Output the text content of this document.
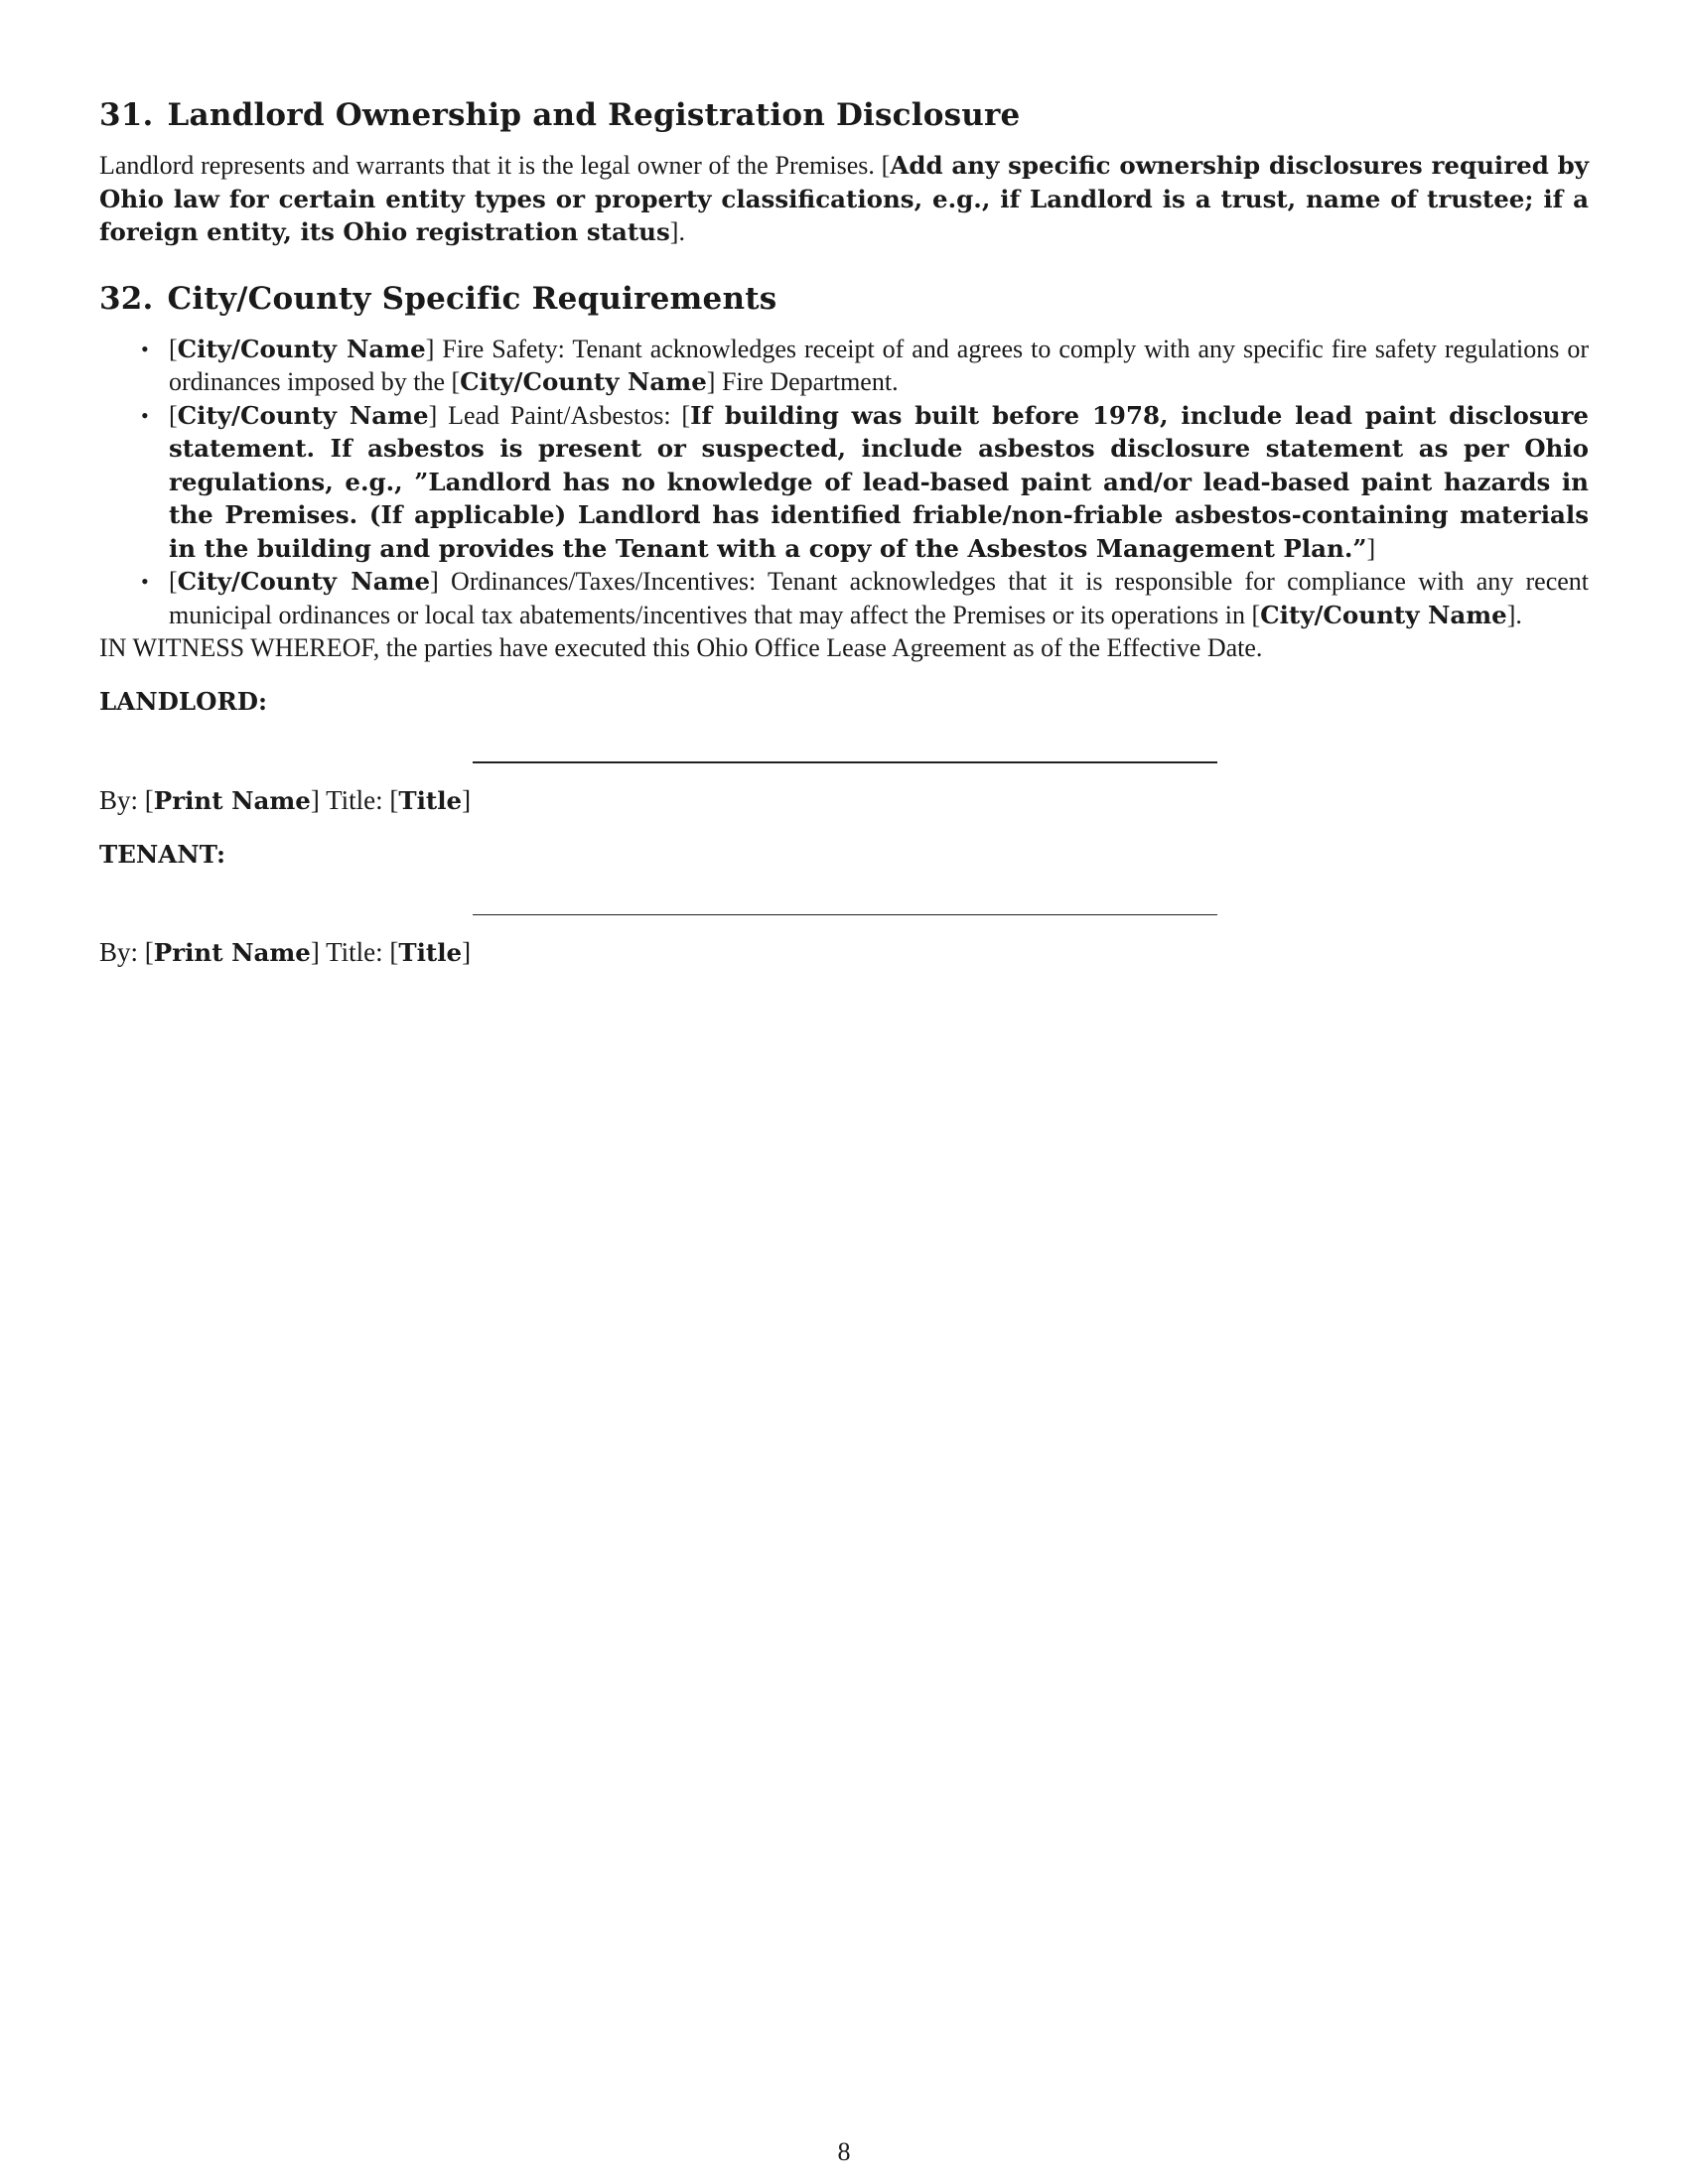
31. Landlord Ownership and Registration Disclosure

Landlord represents and warrants that it is the legal owner of the Premises. [Add any specific ownership disclosures required by Ohio law for certain entity types or property classifications, e.g., if Landlord is a trust, name of trustee; if a foreign entity, its Ohio registration status].

32. City/County Specific Requirements
• [City/County Name] Fire Safety: Tenant acknowledges receipt of and agrees to comply with any specific fire safety regulations or ordinances imposed by the [City/County Name] Fire Department.
• [City/County Name] Lead Paint/Asbestos: [If building was built before 1978, include lead paint disclosure statement. If asbestos is present or suspected, include asbestos disclosure statement as per Ohio regulations, e.g., ”Landlord has no knowledge of lead-based paint and/or lead-based paint hazards in the Premises. (If applicable) Landlord has identified friable/non-friable asbestos-containing materials in the building and provides the Tenant with a copy of the Asbestos Management Plan.”]
• [City/County Name] Ordinances/Taxes/Incentives: Tenant acknowledges that it is responsible for compliance with any recent municipal ordinances or local tax abatements/incentives that may affect the Premises or its operations in [City/County Name].

IN WITNESS WHEREOF, the parties have executed this Ohio Office Lease Agreement as of the Effective Date.

LANDLORD:
By: [Print Name] Title: [Title]
TENANT:
By: [Print Name] Title: [Title]
8
